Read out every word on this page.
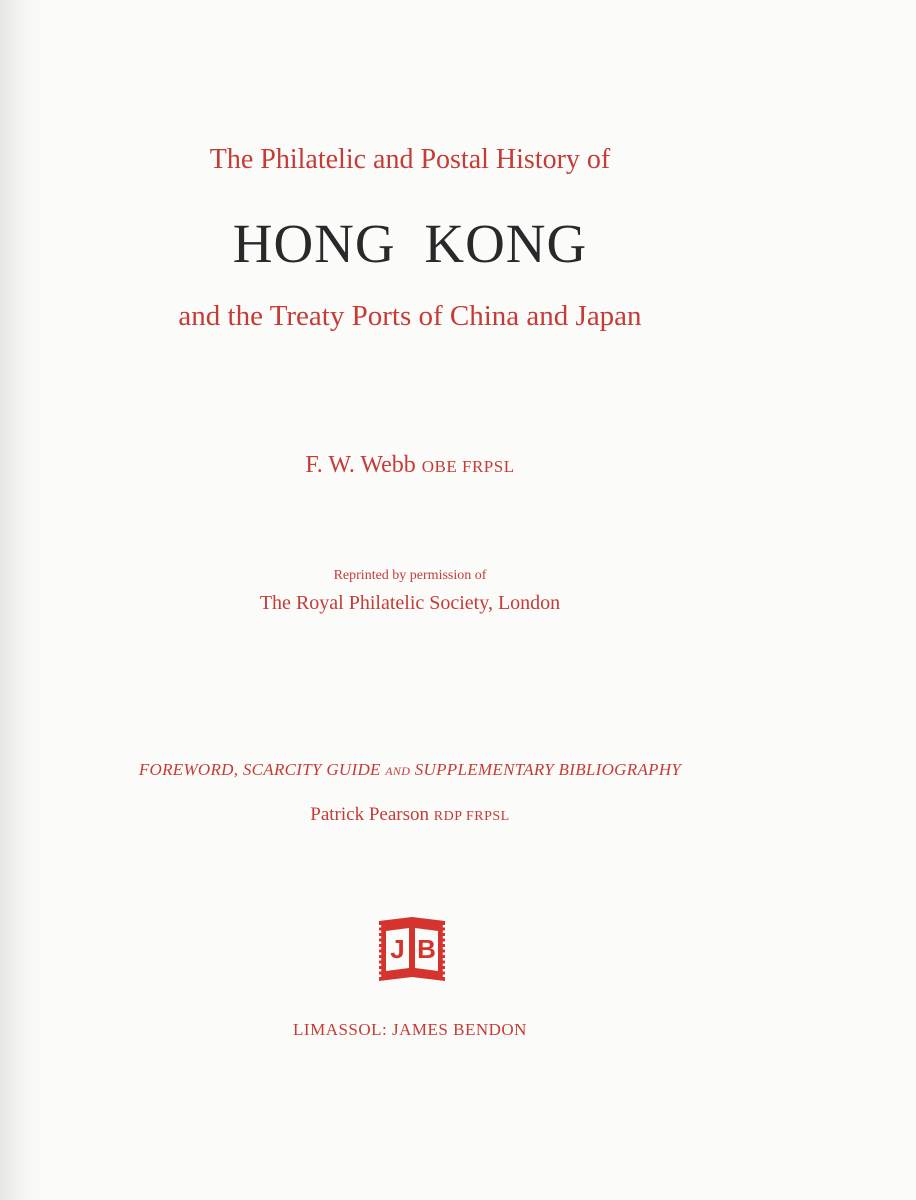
The Philatelic and Postal History of
HONG KONG
and the Treaty Ports of China and Japan
F. W. Webb OBE FRPSL
Reprinted by permission of
The Royal Philatelic Society, London
FOREWORD, SCARCITY GUIDE AND SUPPLEMENTARY BIBLIOGRAPHY
Patrick Pearson RDP FRPSL
J B
LIMASSOL: JAMES BENDON
